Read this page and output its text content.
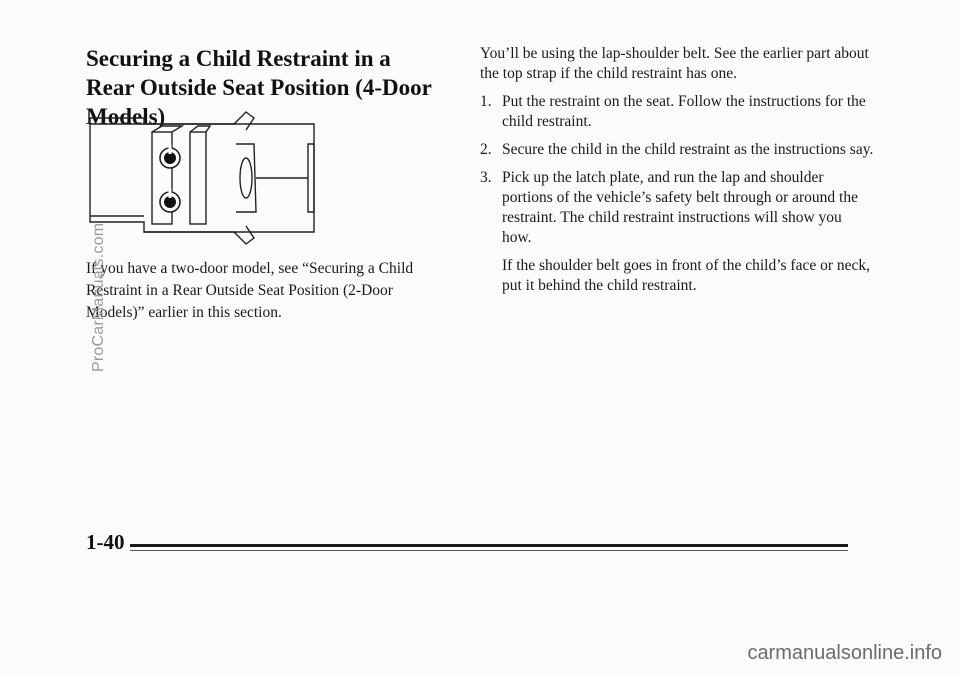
Securing a Child Restraint in a Rear Outside Seat Position (4-Door Models)

If you have a two-door model, see “Securing a Child Restraint in a Rear Outside Seat Position (2-Door Models)” earlier in this section.

You’ll be using the lap-shoulder belt. See the earlier part about the top strap if the child restraint has one.

1. Put the restraint on the seat. Follow the instructions for the child restraint.
2. Secure the child in the child restraint as the instructions say.
3. Pick up the latch plate, and run the lap and shoulder portions of the vehicle’s safety belt through or around the restraint. The child restraint instructions will show you how.

If the shoulder belt goes in front of the child’s face or neck, put it behind the child restraint.

1-40
ProCarManuals.com
carmanualsonline.info
